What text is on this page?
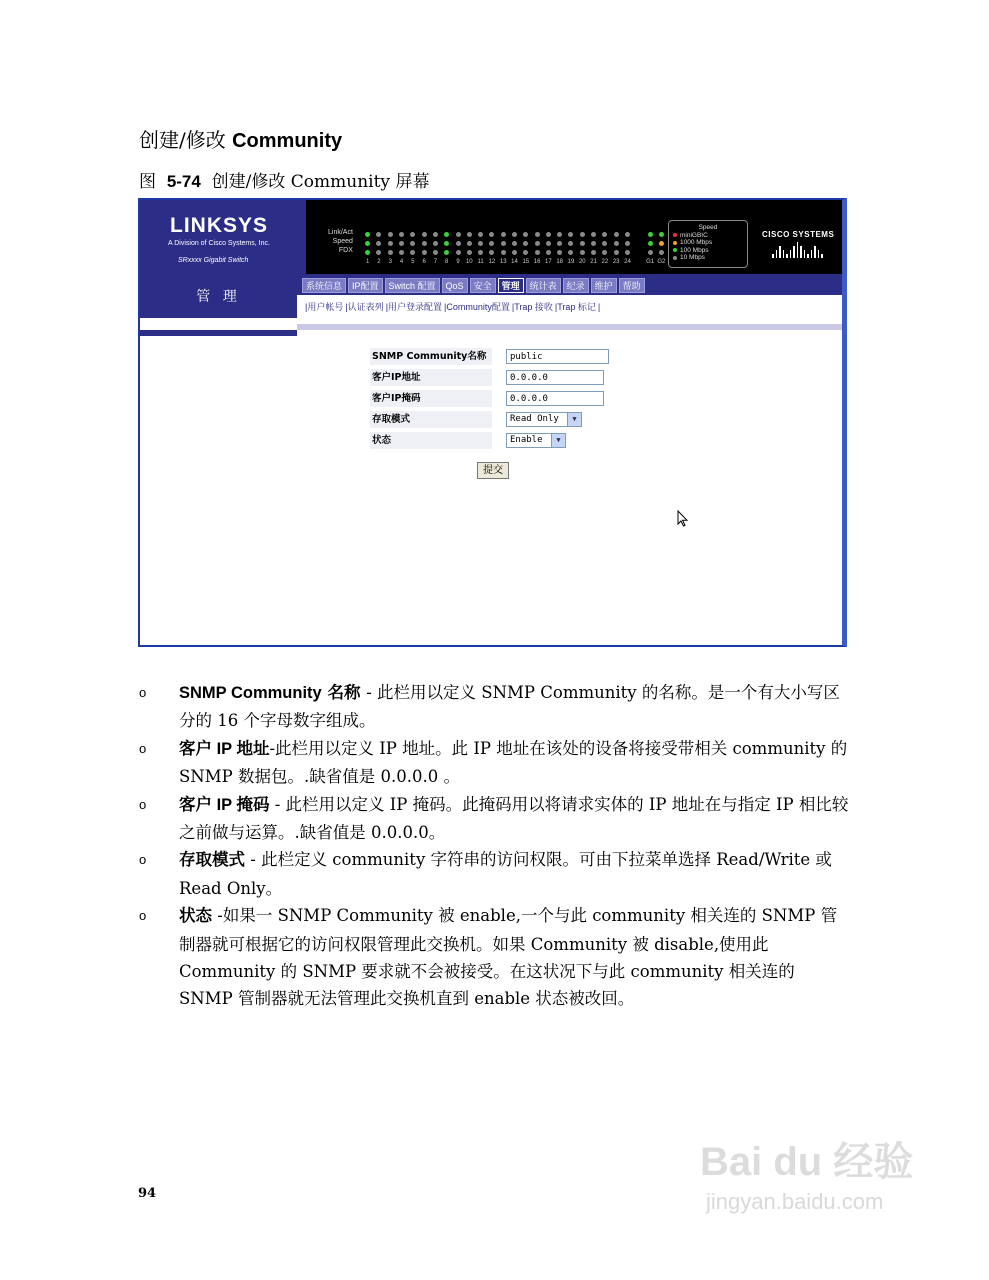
创建/修改 Community
图 5-74 创建/修改 Community 屏幕
LINKSYS
A Division of Cisco Systems, Inc.
SRxxxx Gigabit Switch
Link/Act
Speed
FDX
1	2	3	4	5	6	7	8	9	10 11 12 13 14 15 16 17 18 19 20 21 22 23 24	G1 G2
Speed
miniGBIC
1000 Mbps
100 Mbps
10 Mbps
CISCO SYSTEMS
管 理
系统信息	IP配置	Switch 配置	QoS	安全	管理	统计表	纪录	维护	帮助
|用户帐号 |认证表列 |用户登录配置 |Community配置 |Trap 接收 |Trap 标记 |
SNMP Community名称	public
客户IP地址	0.0.0.0
客户IP掩码	0.0.0.0
存取模式	Read Only	▼
状态	Enable	▼
提交
o SNMP Community 名称 - 此栏用以定义 SNMP Community 的名称。是一个有大小写区分的 16 个字母数字组成。
o 客户 IP 地址-此栏用以定义 IP 地址。此 IP 地址在该处的设备将接受带相关 community 的 SNMP 数据包。.缺省值是 0.0.0.0 。
o 客户 IP 掩码 - 此栏用以定义 IP 掩码。此掩码用以将请求实体的 IP 地址在与指定 IP 相比较之前做与运算。.缺省值是 0.0.0.0。
o 存取模式 - 此栏定义 community 字符串的访问权限。可由下拉菜单选择 Read/Write 或 Read Only。
o 状态 -如果一 SNMP Community 被 enable,一个与此 community 相关连的 SNMP 管制器就可根据它的访问权限管理此交换机。如果 Community 被 disable,使用此 Community 的 SNMP 要求就不会被接受。在这状况下与此 community 相关连的 SNMP 管制器就无法管理此交换机直到 enable 状态被改回。
94
Bai du 经验
jingyan.baidu.com
